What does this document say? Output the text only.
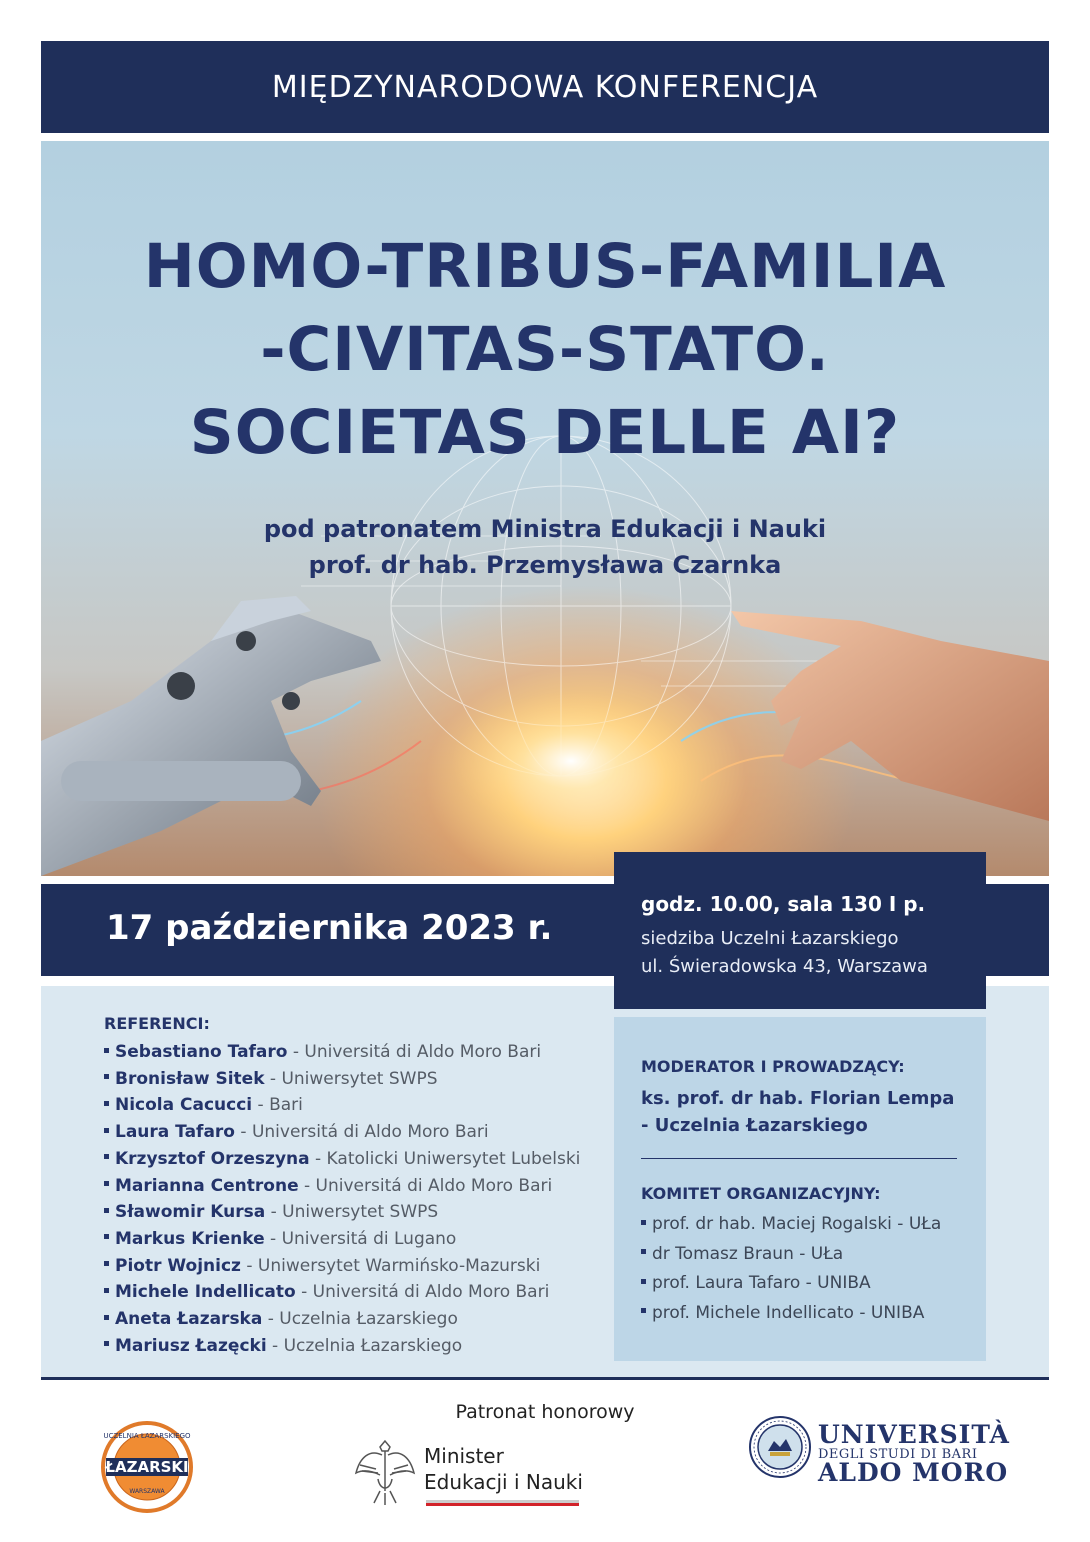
MIĘDZYNARODOWA KONFERENCJA
HOMO-TRIBUS-FAMILIA
-CIVITAS-STATO.
SOCIETAS DELLE AI?
pod patronatem Ministra Edukacji i Nauki
prof. dr hab. Przemysława Czarnka
17 października 2023 r.
godz. 10.00, sala 130 I p.
siedziba Uczelni Łazarskiego
ul. Świeradowska 43, Warszawa
REFERENCI:
Sebastiano Tafaro - Universitá di Aldo Moro Bari
Bronisław Sitek - Uniwersytet SWPS
Nicola Cacucci - Bari
Laura Tafaro - Universitá di Aldo Moro Bari
Krzysztof Orzeszyna - Katolicki Uniwersytet Lubelski
Marianna Centrone - Universitá di Aldo Moro Bari
Sławomir Kursa - Uniwersytet SWPS
Markus Krienke - Universitá di Lugano
Piotr Wojnicz - Uniwersytet Warmińsko-Mazurski
Michele Indellicato - Universitá di Aldo Moro Bari
Aneta Łazarska - Uczelnia Łazarskiego
Mariusz Łazęcki - Uczelnia Łazarskiego
MODERATOR I PROWADZĄCY:
ks. prof. dr hab. Florian Lempa
- Uczelnia Łazarskiego
KOMITET ORGANIZACYJNY:
prof. dr hab. Maciej Rogalski - UŁa
dr Tomasz Braun - UŁa
prof. Laura Tafaro - UNIBA
prof. Michele Indellicato - UNIBA
Patronat honorowy
UCZELNIA ŁAZARSKIEGO
ŁAZARSKI
WARSZAWA
Minister
Edukacji i Nauki
UNIVERSITÀ
DEGLI STUDI DI BARI
ALDO MORO
